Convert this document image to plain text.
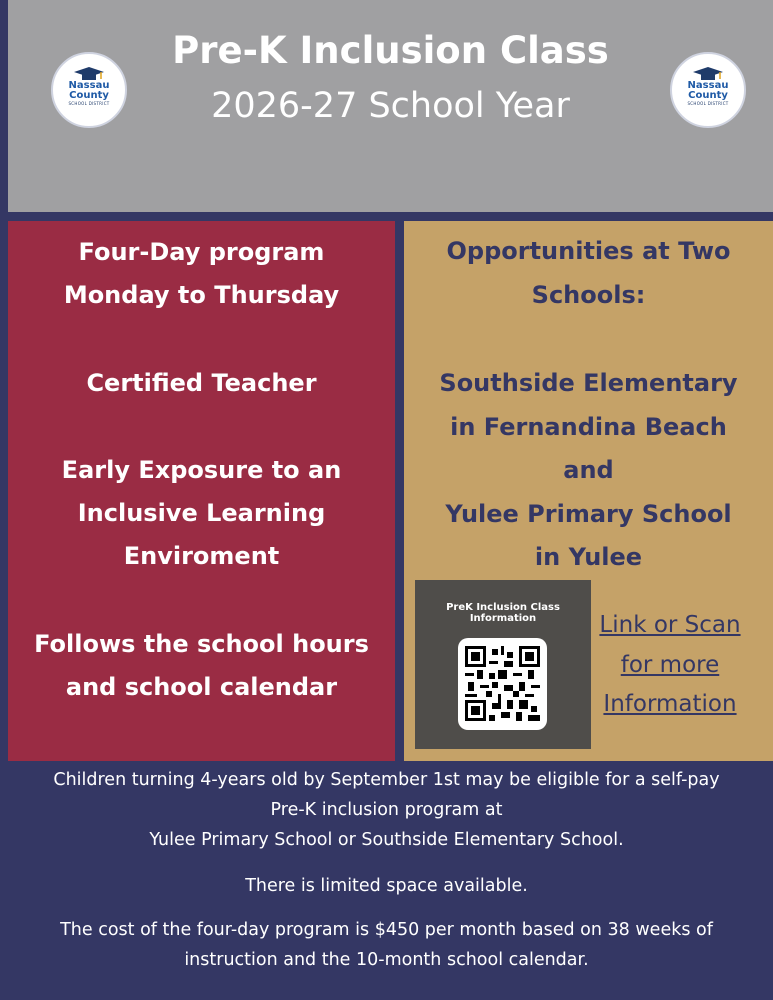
Nassau
County
SCHOOL DISTRICT
Pre-K Inclusion Class
2026-27 School Year
Nassau
County
SCHOOL DISTRICT
Four-Day program
Monday to Thursday
Certified Teacher
Early Exposure to an
Inclusive Learning
Enviroment
Follows the school hours
and school calendar
Opportunities at Two
Schools:
Southside Elementary
in Fernandina Beach
and
Yulee Primary School
in Yulee
PreK Inclusion Class Information	Link or Scan
for more
Information
Children turning 4-years old by September 1st may be eligible for a self-pay
Pre-K inclusion program at
Yulee Primary School or Southside Elementary School.
There is limited space available.
The cost of the four-day program is $450 per month based on 38 weeks of
instruction and the 10-month school calendar.
